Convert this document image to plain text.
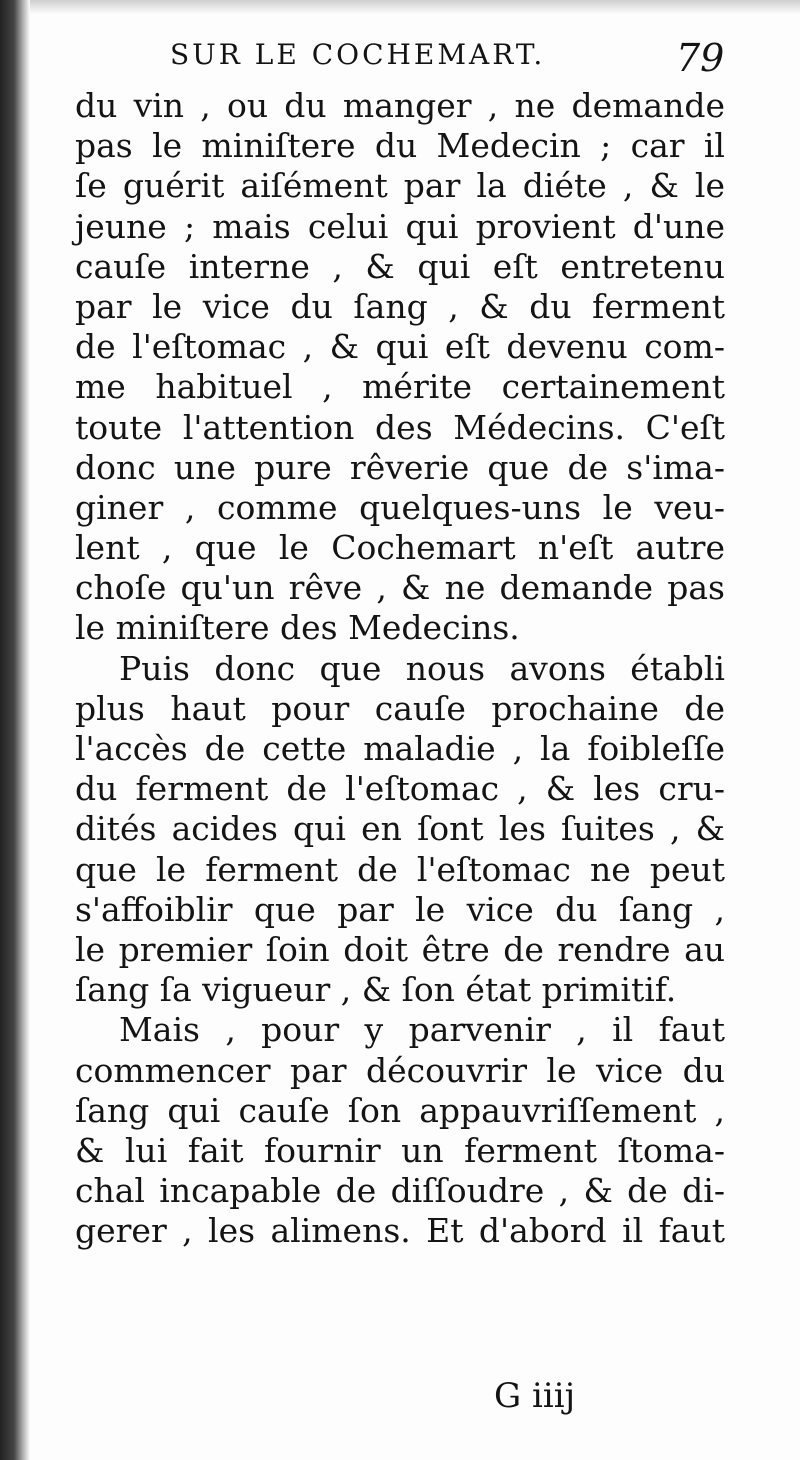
SUR LE COCHEMART.	79
du vin , ou du manger , ne demande
pas le miniſtere du Medecin ; car il
ſe guérit aiſément par la diéte , & le
jeune ; mais celui qui provient d'une
cauſe interne , & qui eſt entretenu
par le vice du ſang , & du ferment
de l'eſtomac , & qui eſt devenu com-
me habituel , mérite certainement
toute l'attention des Médecins. C'eſt
donc une pure rêverie que de s'ima-
giner , comme quelques-uns le veu-
lent , que le Cochemart n'eſt autre
choſe qu'un rêve , & ne demande pas
le miniſtere des Medecins.
Puis donc que nous avons établi
plus haut pour cauſe prochaine de
l'accès de cette maladie , la foibleſſe
du ferment de l'eſtomac , & les cru-
dités acides qui en ſont les ſuites , &
que le ferment de l'eſtomac ne peut
s'affoiblir que par le vice du ſang ,
le premier ſoin doit être de rendre au
ſang ſa vigueur , & ſon état primitif.
Mais , pour y parvenir , il faut
commencer par découvrir le vice du
ſang qui cauſe ſon appauvriſſement ,
& lui fait fournir un ferment ſtoma-
chal incapable de diſſoudre , & de di-
gerer , les alimens. Et d'abord il faut
G iiij
